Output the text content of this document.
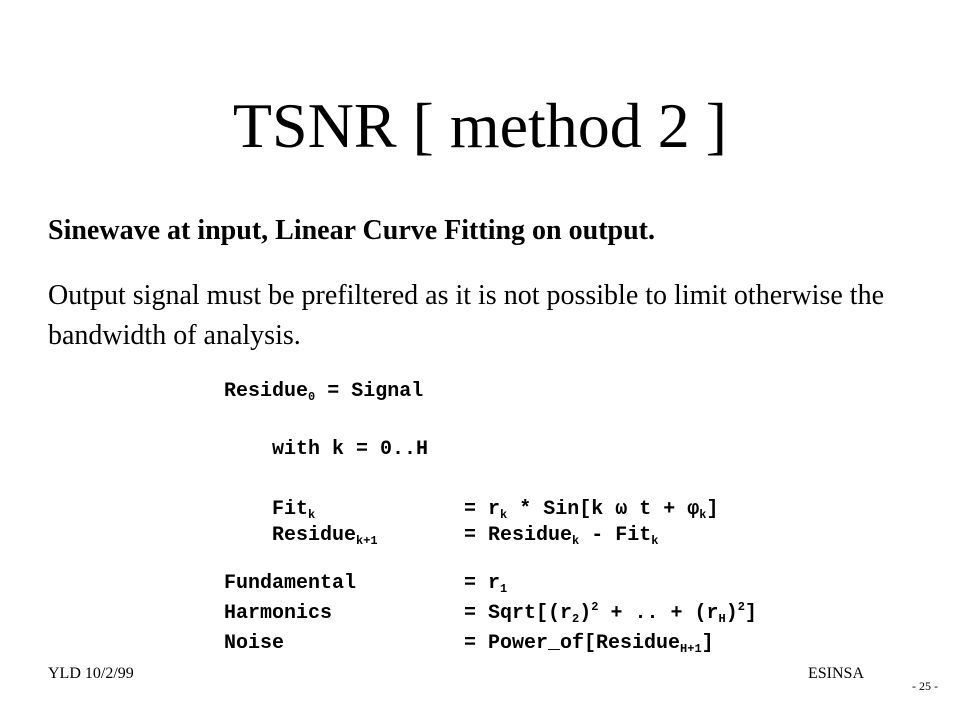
TSNR [ method 2 ]

Sinewave at input, Linear Curve Fitting on output.

Output signal must be prefiltered as it is not possible to limit otherwise the bandwidth of analysis.

Residue$_0$ = Signal
with k = 0..H
Fit$_k$	= $r_k * Sin[k$ ω $t + \varphi_k$]
Residue$_{k+1}$	= Residue$_k$ - Fit$_k$
Fundamental	= $r_1$
Harmonics	= $Sqrt[(r_2)^2$ + .. + $(r_H)^2$]
Noise	= Power_of[Residue$_{H+1}$]
YLD 10/2/99	ESINSA
- 25 -
